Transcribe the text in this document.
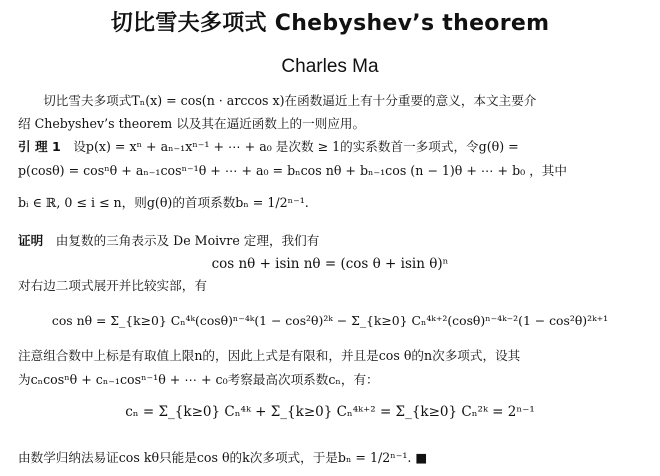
切比雪夫多项式 Chebyshev’s theorem
Charles Ma
　　切比雪夫多项式Tₙ(x) = cos(n · arccos x)在函数逼近上有十分重要的意义，本文主要介
绍 Chebyshev’s theorem 以及其在逼近函数上的一则应用。
引 理 1　设p(x) = xⁿ + aₙ₋₁xⁿ⁻¹ + ⋯ + a₀ 是次数 ≥ 1的实系数首一多项式，令g(θ) =
p(cosθ) = cosⁿθ + aₙ₋₁cosⁿ⁻¹θ + ⋯ + a₀ = bₙcos nθ + bₙ₋₁cos (n − 1)θ + ⋯ + b₀ ，其中
bᵢ ∈ ℝ, 0 ≤ i ≤ n，则g(θ)的首项系数bₙ = 1/2ⁿ⁻¹.
证明　由复数的三角表示及 De Moivre 定理，我们有
cos nθ + isin nθ = (cos θ + isin θ)ⁿ
对右边二项式展开并比较实部，有
cos nθ = Σ_{k≥0} Cₙ⁴ᵏ(cosθ)ⁿ⁻⁴ᵏ(1 − cos²θ)²ᵏ − Σ_{k≥0} Cₙ⁴ᵏ⁺²(cosθ)ⁿ⁻⁴ᵏ⁻²(1 − cos²θ)²ᵏ⁺¹
注意组合数中上标是有取值上限n的，因此上式是有限和，并且是cos θ的n次多项式，设其
为cₙcosⁿθ + cₙ₋₁cosⁿ⁻¹θ + ⋯ + c₀考察最高次项系数cₙ，有：
cₙ = Σ_{k≥0} Cₙ⁴ᵏ + Σ_{k≥0} Cₙ⁴ᵏ⁺² = Σ_{k≥0} Cₙ²ᵏ = 2ⁿ⁻¹
由数学归纳法易证cos kθ只能是cos θ的k次多项式，于是bₙ = 1/2ⁿ⁻¹. ■
